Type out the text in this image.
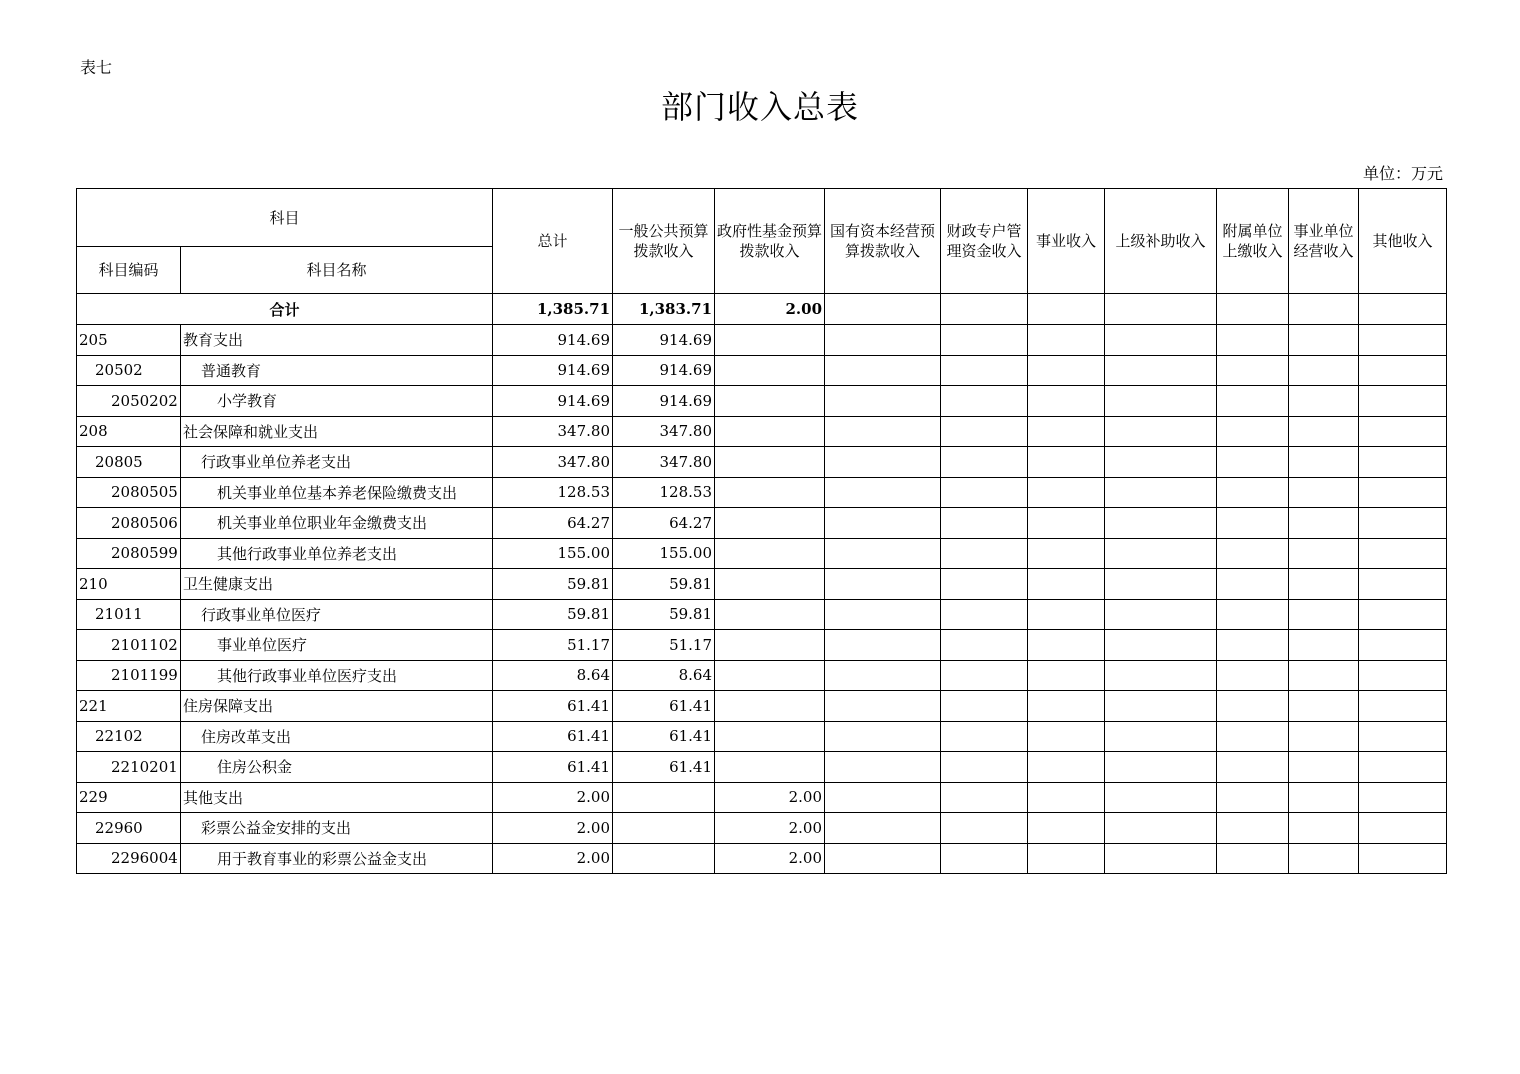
表七
部门收入总表
单位：万元
科目		总计	一般公共预算拨款收入	政府性基金预算拨款收入	国有资本经营预算拨款收入	财政专户管理资金收入	事业收入	上级补助收入	附属单位上缴收入	事业单位经营收入	其他收入
科目编码	科目名称										
合计		1,385.71	1,383.71	2.00							
205	教育支出	914.69	914.69								
20502	普通教育	914.69	914.69								
2050202	小学教育	914.69	914.69								
208	社会保障和就业支出	347.80	347.80								
20805	行政事业单位养老支出	347.80	347.80								
2080505	机关事业单位基本养老保险缴费支出	128.53	128.53								
2080506	机关事业单位职业年金缴费支出	64.27	64.27								
2080599	其他行政事业单位养老支出	155.00	155.00								
210	卫生健康支出	59.81	59.81								
21011	行政事业单位医疗	59.81	59.81								
2101102	事业单位医疗	51.17	51.17								
2101199	其他行政事业单位医疗支出	8.64	8.64								
221	住房保障支出	61.41	61.41								
22102	住房改革支出	61.41	61.41								
2210201	住房公积金	61.41	61.41								
229	其他支出	2.00		2.00							
22960	彩票公益金安排的支出	2.00		2.00							
2296004	用于教育事业的彩票公益金支出	2.00		2.00							
